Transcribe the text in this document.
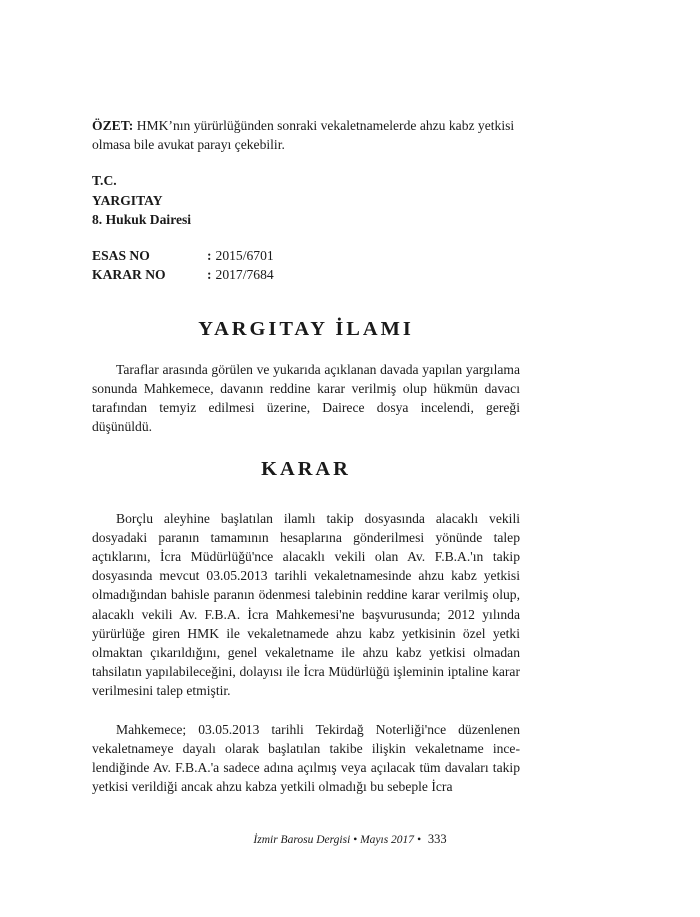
ÖZET: HMK’nın yürürlüğünden sonraki vekaletnamelerde ahzu kabz yetkisi olmasa bile avukat parayı çekebilir.

T.C.
YARGITAY
8. Hukuk Dairesi
ESAS NO	: 2015/6701
KARAR NO	: 2017/7684
YARGITAY İLAMI

Taraflar arasında görülen ve yukarıda açıklanan davada yapılan yargılama sonunda Mahkemece, davanın reddine karar verilmiş olup hükmün davacı tarafından temyiz edilmesi üzerine, Dairece dosya incelendi, gereği düşünüldü.

KARAR

Borçlu aleyhine başlatılan ilamlı takip dosyasında alacaklı vekili dosyadaki paranın tamamının hesaplarına gönderilmesi yönünde talep açtıklarını, İcra Müdürlüğü'nce alacaklı vekili olan Av. F.B.A.'ın takip dosyasında mevcut 03.05.2013 tarihli vekaletnamesinde ahzu kabz yetkisi olmadığından bahisle paranın ödenmesi talebinin reddine karar verilmiş olup, alacaklı vekili Av. F.B.A. İcra Mahkemesi'ne başvurusunda; 2012 yılında yürürlüğe giren HMK ile vekaletnamede ahzu kabz yetkisinin özel yetki olmaktan çıkarıldığını, genel vekaletname ile ahzu kabz yetkisi olmadan tahsilatın yapılabileceğini, dolayısı ile İcra Müdürlüğü işleminin iptaline karar verilmesini talep etmiştir.

Mahkemece; 03.05.2013 tarihli Tekirdağ Noterliği'nce düzenlenen vekaletnameye dayalı olarak başlatılan takibe ilişkin vekaletname incelendiğinde Av. F.B.A.'a sadece adına açılmış veya açılacak tüm davaları takip yetkisi verildiği ancak ahzu kabza yetkili olmadığı bu sebeple İcra

İzmir Barosu Dergisi • Mayıs 2017 • 333
